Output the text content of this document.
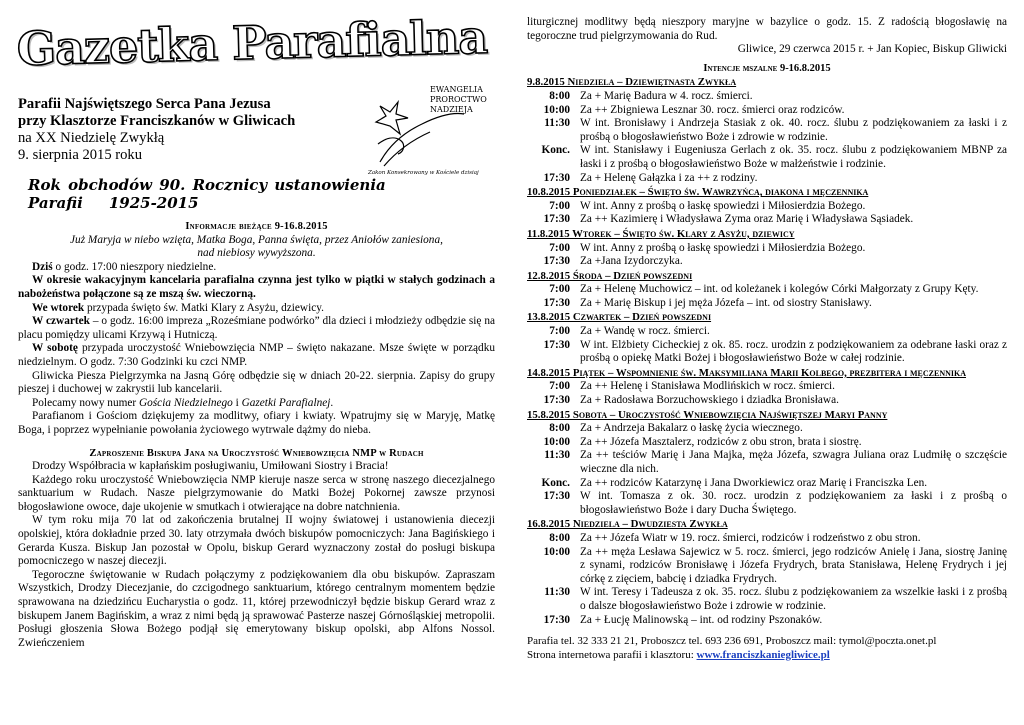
Gazetka Parafialna
Parafii Najświętszego Serca Pana Jezusa
przy Klasztorze Franciszkanów w Gliwicach
na XX Niedzielę Zwykłą
9. sierpnia 2015 roku
EWANGELIA
PROROCTWO
NADZIEJA
Zakon Konsekrowany w Kościele dzisiaj
Rok obchodów 90. Rocznicy ustanowienia Parafii 1925-2015
Informacje bieżące 9-16.8.2015
Już Maryja w niebo wzięta, Matka Boga, Panna święta, przez Aniołów zaniesiona,
nad niebiosy wywyższona.

Dziś o godz. 17:00 nieszpory niedzielne.

W okresie wakacyjnym kancelaria parafialna czynna jest tylko w piątki w stałych godzinach a nabożeństwa połączone są ze mszą św. wieczorną.

We wtorek przypada święto św. Matki Klary z Asyżu, dziewicy.

W czwartek – o godz. 16:00 impreza „Roześmiane podwórko” dla dzieci i młodzieży odbędzie się na placu pomiędzy ulicami Krzywą i Hutniczą.

W sobotę przypada uroczystość Wniebowzięcia NMP – święto nakazane. Msze święte w porządku niedzielnym. O godz. 7:30 Godzinki ku czci NMP.

Gliwicka Piesza Pielgrzymka na Jasną Górę odbędzie się w dniach 20-22. sierpnia. Zapisy do grupy pieszej i duchowej w zakrystii lub kancelarii.

Polecamy nowy numer Gościa Niedzielnego i Gazetki Parafialnej.

Parafianom i Gościom dziękujemy za modlitwy, ofiary i kwiaty. Wpatrujmy się w Maryję, Matkę Boga, i poprzez wypełnianie powołania życiowego wytrwale dążmy do nieba.

Zaproszenie Biskupa Jana na Uroczystość Wniebowzięcia NMP w Rudach

Drodzy Współbracia w kapłańskim posługiwaniu, Umiłowani Siostry i Bracia!

Każdego roku uroczystość Wniebowzięcia NMP kieruje nasze serca w stronę naszego diecezjalnego sanktuarium w Rudach. Nasze pielgrzymowanie do Matki Bożej Pokornej zawsze przynosi błogosławione owoce, daje ukojenie w smutkach i otwierające na dobre natchnienia.

W tym roku mija 70 lat od zakończenia brutalnej II wojny światowej i ustanowienia diecezji opolskiej, która dokładnie przed 30. laty otrzymała dwóch biskupów pomocniczych: Jana Bagińskiego i Gerarda Kusza. Biskup Jan pozostał w Opolu, biskup Gerard wyznaczony został do posługi biskupa pomocniczego w naszej diecezji.

Tegoroczne świętowanie w Rudach połączymy z podziękowaniem dla obu biskupów. Zapraszam Wszystkich, Drodzy Diecezjanie, do czcigodnego sanktuarium, którego centralnym momentem będzie sprawowana na dziedzińcu Eucharystia o godz. 11, której przewodniczył będzie biskup Gerard wraz z biskupem Janem Bagińskim, a wraz z nimi będą ją sprawować Pasterze naszej Górnośląskiej metropolii. Posługi głoszenia Słowa Bożego podjął się emerytowany biskup opolski, abp Alfons Nossol. Zwieńczeniem

liturgicznej modlitwy będą nieszpory maryjne w bazylice o godz. 15. Z radością błogosławię na tegoroczne trud pielgrzymowania do Rud.

Gliwice, 29 czerwca 2015 r. + Jan Kopiec, Biskup Gliwicki
Intencje mszalne 9-16.8.2015
9.8.2015 Niedziela – Dziewiętnasta Zwykła	
8:00	Za + Marię Badura w 4. rocz. śmierci.
10:00	Za ++ Zbigniewa Lesznar 30. rocz. śmierci oraz rodziców.
11:30	W int. Bronisławy i Andrzeja Stasiak z ok. 40. rocz. ślubu z podziękowaniem za łaski i z prośbą o błogosławieństwo Boże i zdrowie w rodzinie.
Konc.	W int. Stanisławy i Eugeniusza Gerlach z ok. 35. rocz. ślubu z podziękowaniem MBNP za łaski i z prośbą o błogosławieństwo Boże w małżeństwie i rodzinie.
17:30	Za + Helenę Gałązka i za ++ z rodziny.
10.8.2015 Poniedziałek – Święto św. Wawrzyńca, diakona i męczennika	
7:00	W int. Anny z prośbą o łaskę spowiedzi i Miłosierdzia Bożego.
17:30	Za ++ Kazimierę i Władysława Zyma oraz Marię i Władysława Sąsiadek.
11.8.2015 Wtorek – Święto św. Klary z Asyżu, dziewicy	
7:00	W int. Anny z prośbą o łaskę spowiedzi i Miłosierdzia Bożego.
17:30	Za +Jana Izydorczyka.
12.8.2015 Środa – Dzień powszedni	
7:00	Za + Helenę Muchowicz – int. od koleżanek i kolegów Córki Małgorzaty z Grupy Kęty.
17:30	Za + Marię Biskup i jej męża Józefa – int. od siostry Stanisławy.
13.8.2015 Czwartek – Dzień powszedni	
7:00	Za + Wandę w rocz. śmierci.
17:30	W int. Elżbiety Cicheckiej z ok. 85. rocz. urodzin z podziękowaniem za odebrane łaski oraz z prośbą o opiekę Matki Bożej i błogosławieństwo Boże w całej rodzinie.
14.8.2015 Piątek – Wspomnienie św. Maksymiliana Marii Kolbego, prezbitera i męczennika	
7:00	Za ++ Helenę i Stanisława Modlińskich w rocz. śmierci.
17:30	Za + Radosława Borzuchowskiego i dziadka Bronisława.
15.8.2015 Sobota – Uroczystość Wniebowzięcia Najświętszej Maryi Panny	
8:00	Za + Andrzeja Bakalarz o łaskę życia wiecznego.
10:00	Za ++ Józefa Masztalerz, rodziców z obu stron, brata i siostrę.
11:30	Za ++ teściów Marię i Jana Majka, męża Józefa, szwagra Juliana oraz Ludmiłę o szczęście wieczne dla nich.
Konc.	Za ++ rodziców Katarzynę i Jana Dworkiewicz oraz Marię i Franciszka Len.
17:30	W int. Tomasza z ok. 30. rocz. urodzin z podziękowaniem za łaski i z prośbą o błogosławieństwo Boże i dary Ducha Świętego.
16.8.2015 Niedziela – Dwudziesta Zwykła	
8:00	Za ++ Józefa Wiatr w 19. rocz. śmierci, rodziców i rodzeństwo z obu stron.
10:00	Za ++ męża Lesława Sajewicz w 5. rocz. śmierci, jego rodziców Anielę i Jana, siostrę Janinę z synami, rodziców Bronisławę i Józefa Frydrych, brata Stanisława, Helenę Frydrych i jej córkę z zięciem, babcię i dziadka Frydrych.
11:30	W int. Teresy i Tadeusza z ok. 35. rocz. ślubu z podziękowaniem za wszelkie łaski i z prośbą o dalsze błogosławieństwo Boże i zdrowie w rodzinie.
17:30	Za + Łucję Malinowską – int. od rodziny Pszonaków.
Parafia tel. 32 333 21 21, Proboszcz tel. 693 236 691, Proboszcz mail: tymol@poczta.onet.pl
Strona internetowa parafii i klasztoru: www.franciszkaniegliwice.pl
